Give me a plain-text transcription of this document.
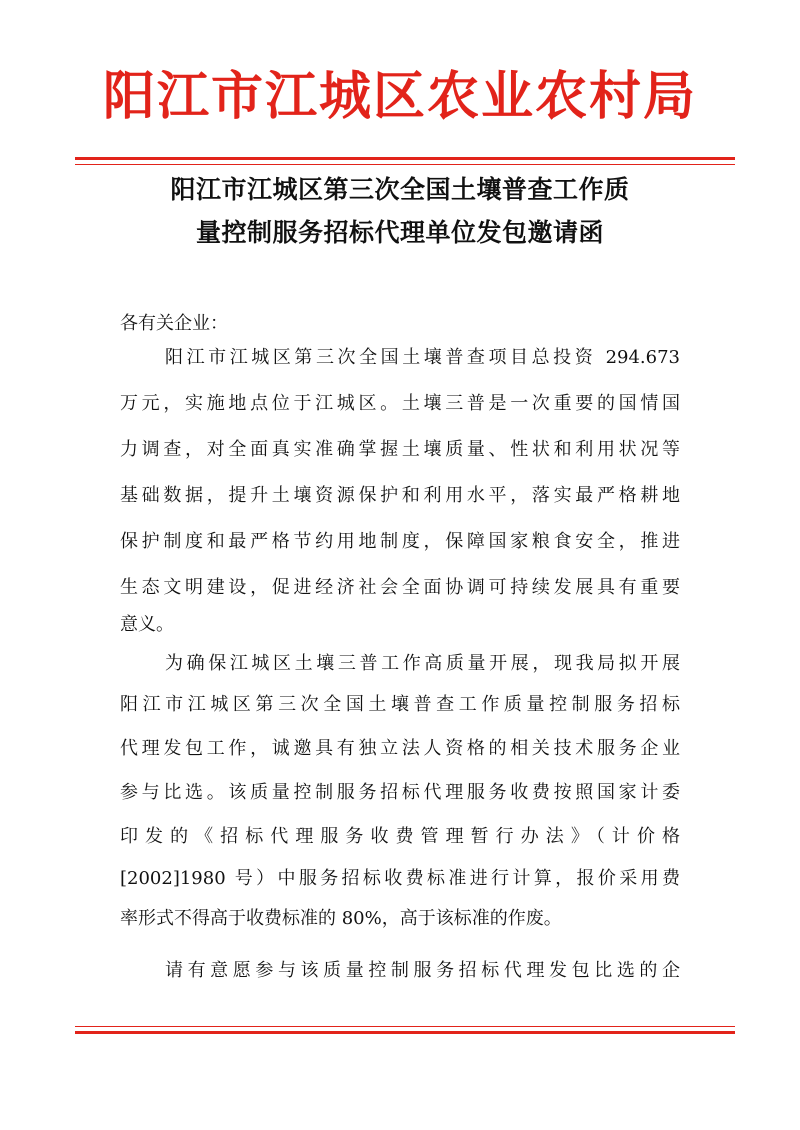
阳江市江城区农业农村局
阳江市江城区第三次全国土壤普查工作质
量控制服务招标代理单位发包邀请函
各有关企业：
阳江市江城区第三次全国土壤普查项目总投资 294.673
万元，实施地点位于江城区。土壤三普是一次重要的国情国
力调查，对全面真实准确掌握土壤质量、性状和利用状况等
基础数据，提升土壤资源保护和利用水平，落实最严格耕地
保护制度和最严格节约用地制度，保障国家粮食安全，推进
生态文明建设，促进经济社会全面协调可持续发展具有重要
意义。
为确保江城区土壤三普工作高质量开展，现我局拟开展
阳江市江城区第三次全国土壤普查工作质量控制服务招标
代理发包工作，诚邀具有独立法人资格的相关技术服务企业
参与比选。该质量控制服务招标代理服务收费按照国家计委
印发的《招标代理服务收费管理暂行办法》（计价格
[2002]1980 号）中服务招标收费标准进行计算，报价采用费
率形式不得高于收费标准的 80%，高于该标准的作废。
请有意愿参与该质量控制服务招标代理发包比选的企
